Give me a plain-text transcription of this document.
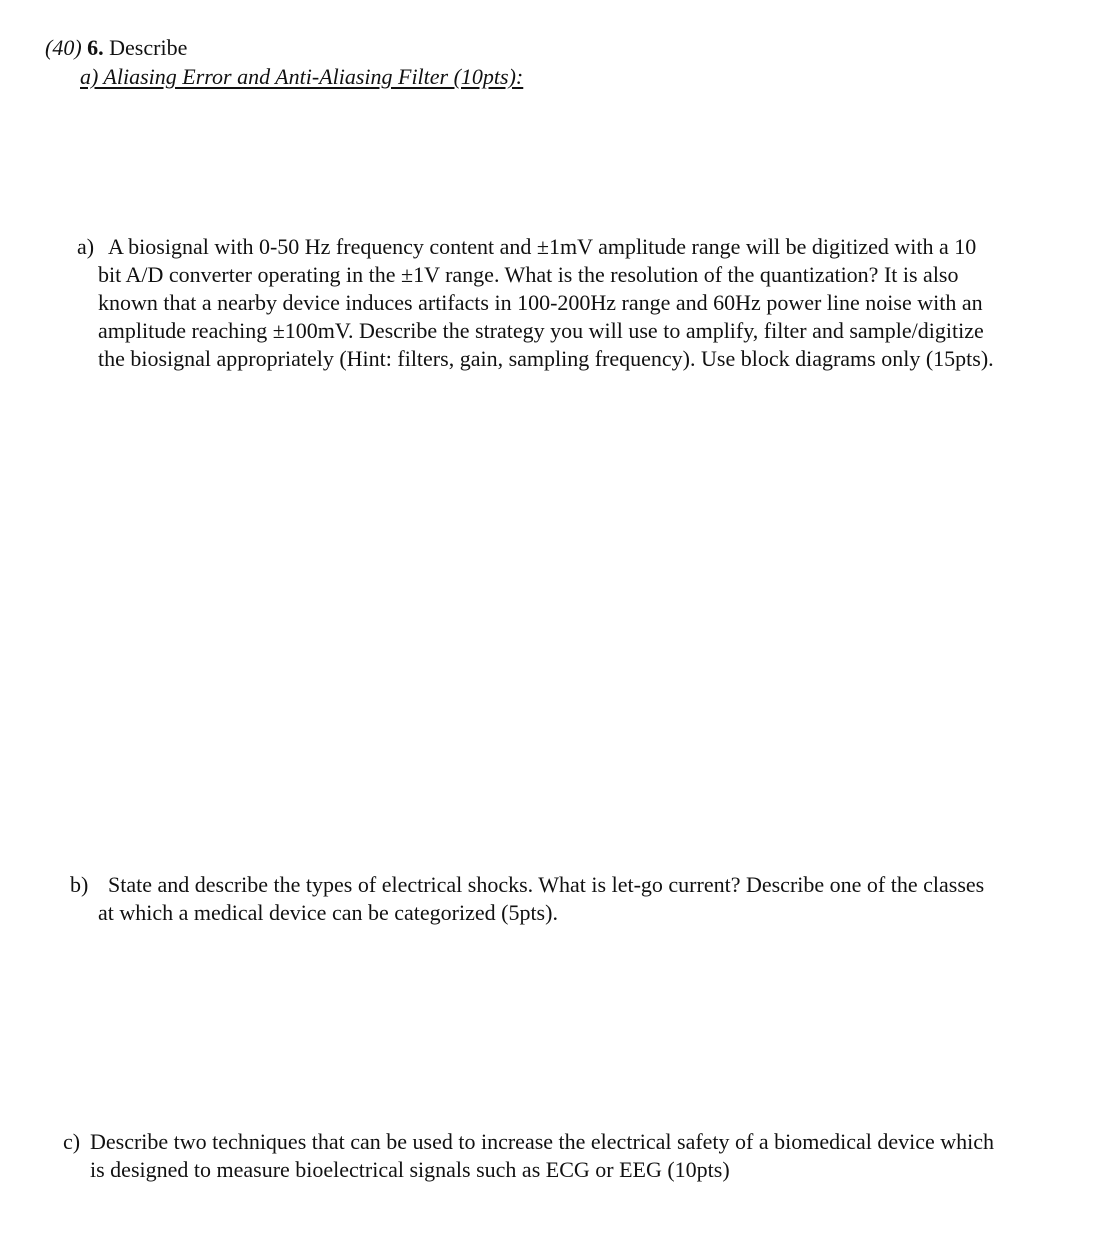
(40) 6. Describe
a) Aliasing Error and Anti-Aliasing Filter (10pts):
a) A biosignal with 0-50 Hz frequency content and ±1mV amplitude range will be digitized with a 10
bit A/D converter operating in the ±1V range. What is the resolution of the quantization? It is also
known that a nearby device induces artifacts in 100-200Hz range and 60Hz power line noise with an
amplitude reaching ±100mV. Describe the strategy you will use to amplify, filter and sample/digitize
the biosignal appropriately (Hint: filters, gain, sampling frequency). Use block diagrams only (15pts).
b) State and describe the types of electrical shocks. What is let-go current? Describe one of the classes
at which a medical device can be categorized (5pts).
c) Describe two techniques that can be used to increase the electrical safety of a biomedical device which
is designed to measure bioelectrical signals such as ECG or EEG (10pts)
